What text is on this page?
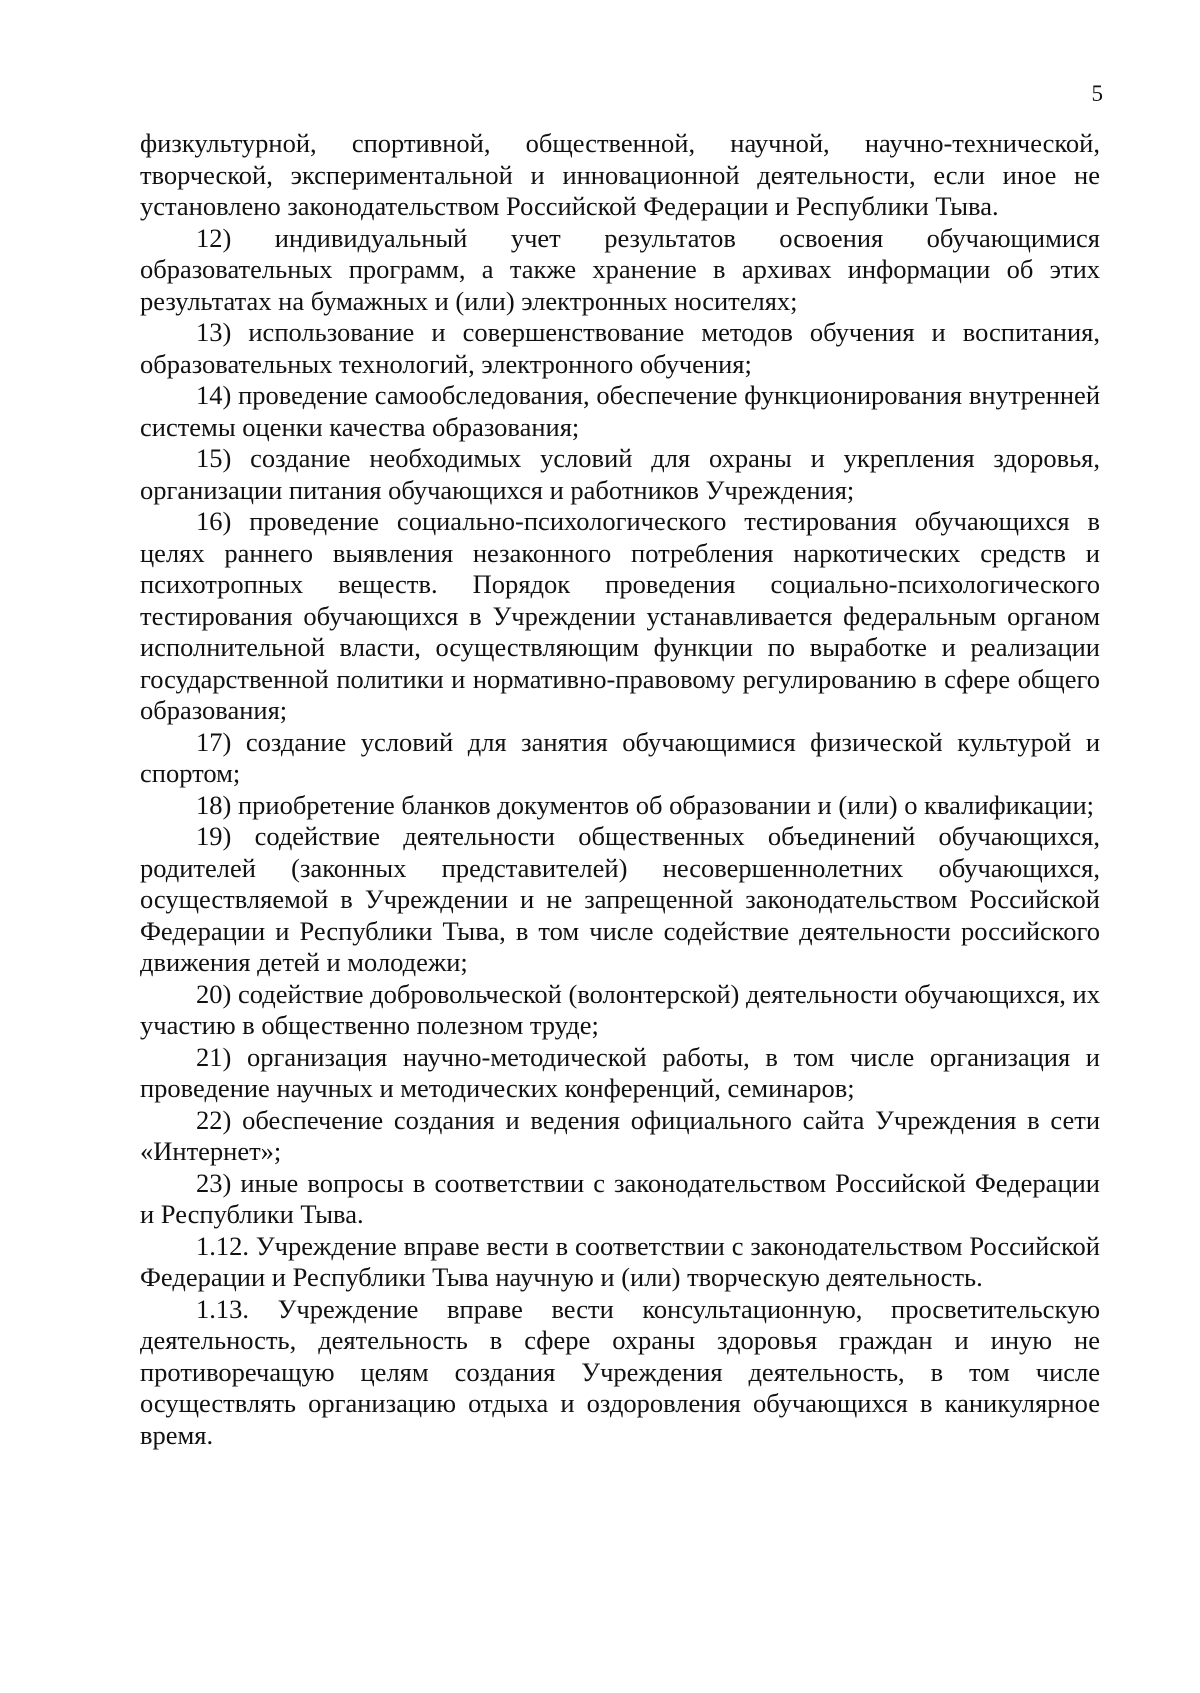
5

физкультурной, спортивной, общественной, научной, научно-технической, творческой, экспериментальной и инновационной деятельности, если иное не установлено законодательством Российской Федерации и Республики Тыва.

12) индивидуальный учет результатов освоения обучающимися образовательных программ, а также хранение в архивах информации об этих результатах на бумажных и (или) электронных носителях;

13) использование и совершенствование методов обучения и воспитания, образовательных технологий, электронного обучения;

14) проведение самообследования, обеспечение функционирования внутренней системы оценки качества образования;

15) создание необходимых условий для охраны и укрепления здоровья, организации питания обучающихся и работников Учреждения;

16) проведение социально-психологического тестирования обучающихся в целях раннего выявления незаконного потребления наркотических средств и психотропных веществ. Порядок проведения социально-психологического тестирования обучающихся в Учреждении устанавливается федеральным органом исполнительной власти, осуществляющим функции по выработке и реализации государственной политики и нормативно-правовому регулированию в сфере общего образования;

17) создание условий для занятия обучающимися физической культурой и спортом;

18) приобретение бланков документов об образовании и (или) о квалификации;

19) содействие деятельности общественных объединений обучающихся, родителей (законных представителей) несовершеннолетних обучающихся, осуществляемой в Учреждении и не запрещенной законодательством Российской Федерации и Республики Тыва, в том числе содействие деятельности российского движения детей и молодежи;

20) содействие добровольческой (волонтерской) деятельности обучающихся, их участию в общественно полезном труде;

21) организация научно-методической работы, в том числе организация и проведение научных и методических конференций, семинаров;

22) обеспечение создания и ведения официального сайта Учреждения в сети «Интернет»;

23) иные вопросы в соответствии с законодательством Российской Федерации и Республики Тыва.

1.12. Учреждение вправе вести в соответствии с законодательством Российской Федерации и Республики Тыва научную и (или) творческую деятельность.

1.13. Учреждение вправе вести консультационную, просветительскую деятельность, деятельность в сфере охраны здоровья граждан и иную не противоречащую целям создания Учреждения деятельность, в том числе осуществлять организацию отдыха и оздоровления обучающихся в каникулярное время.
